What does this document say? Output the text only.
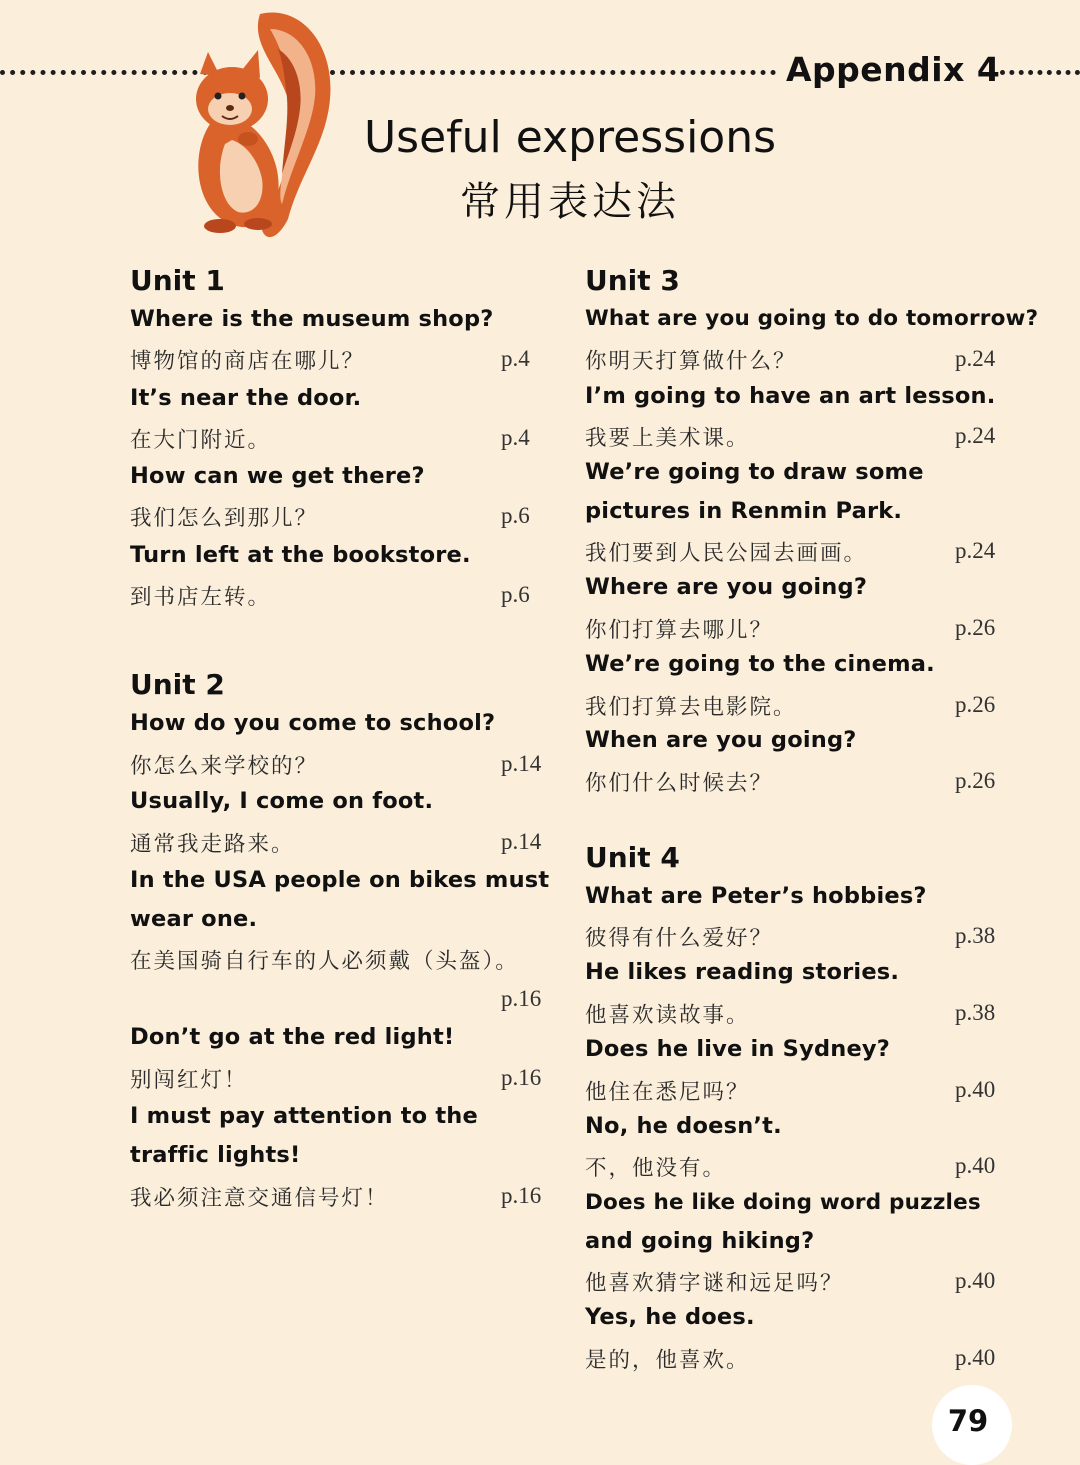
Appendix 4
Useful expressions
常用表达法
Unit 1
Where is the museum shop?
博物馆的商店在哪儿？	p.4
It’s near the door.
在大门附近。	p.4
How can we get there?
我们怎么到那儿？	p.6
Turn left at the bookstore.
到书店左转。	p.6
Unit 2
How do you come to school?
你怎么来学校的？	p.14
Usually, I come on foot.
通常我走路来。	p.14
In the USA people on bikes must
wear one.
在美国骑自行车的人必须戴（头盔）。
p.16
Don’t go at the red light!
别闯红灯！	p.16
I must pay attention to the
traffic lights!
我必须注意交通信号灯！	p.16
Unit 3
What are you going to do tomorrow?
你明天打算做什么？	p.24
I’m going to have an art lesson.
我要上美术课。	p.24
We’re going to draw some
pictures in Renmin Park.
我们要到人民公园去画画。	p.24
Where are you going?
你们打算去哪儿？	p.26
We’re going to the cinema.
我们打算去电影院。	p.26
When are you going?
你们什么时候去？	p.26
Unit 4
What are Peter’s hobbies?
彼得有什么爱好？	p.38
He likes reading stories.
他喜欢读故事。	p.38
Does he live in Sydney?
他住在悉尼吗？	p.40
No, he doesn’t.
不，他没有。	p.40
Does he like doing word puzzles
and going hiking?
他喜欢猜字谜和远足吗？	p.40
Yes, he does.
是的，他喜欢。	p.40
79
